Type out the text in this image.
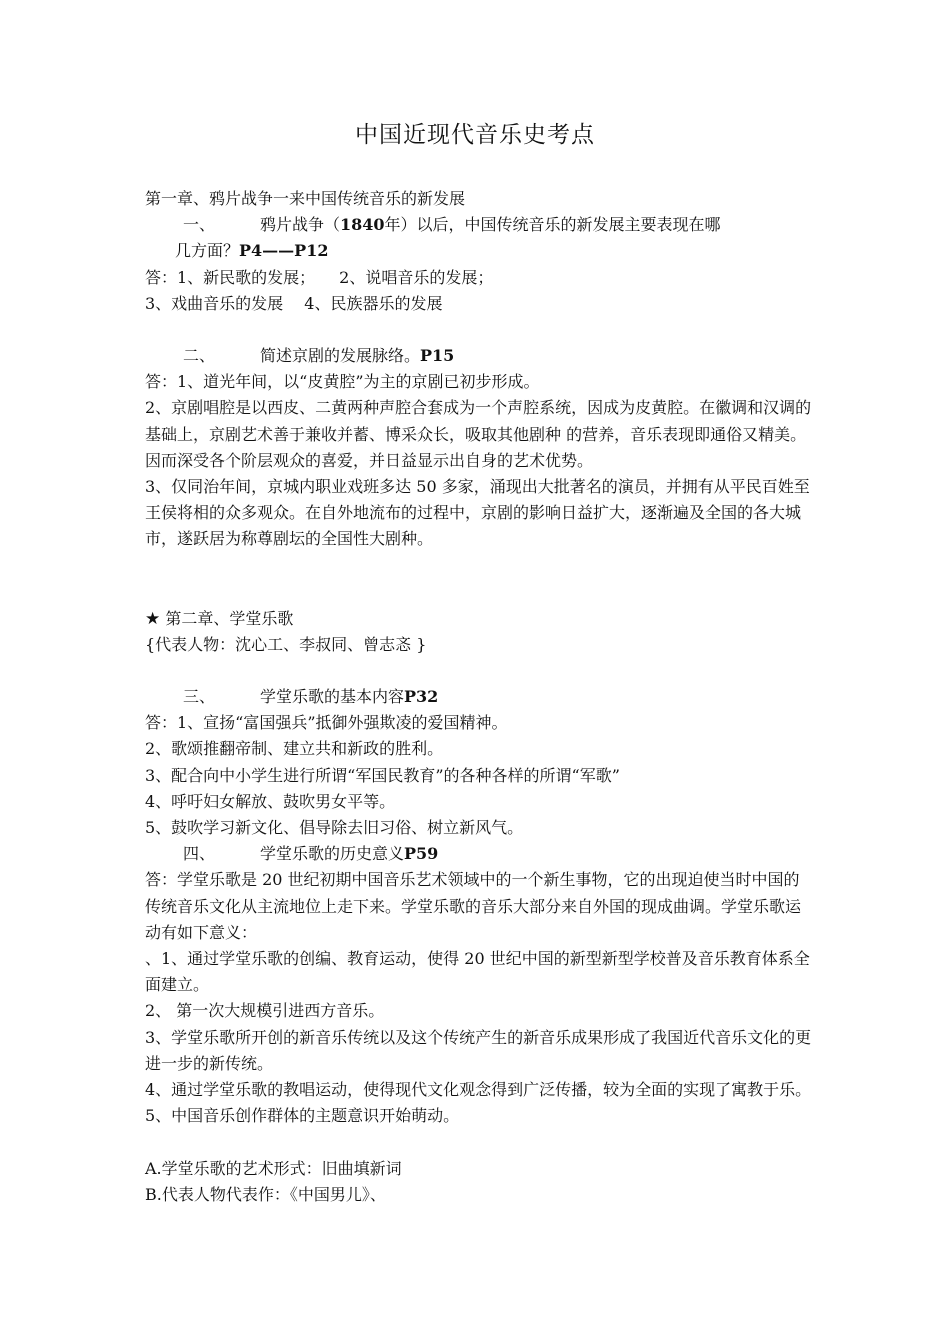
中国近现代音乐史考点

第一章、鸦片战争一来中国传统音乐的新发展

一、	鸦片战争（1840年）以后，中国传统音乐的新发展主要表现在哪

几方面？P4——P12

答：1、新民歌的发展；　　2、说唱音乐的发展；

3、戏曲音乐的发展　 4、民族器乐的发展

二、	简述京剧的发展脉络。P15

答：1、道光年间，以“皮黄腔”为主的京剧已初步形成。

2、京剧唱腔是以西皮、二黄两种声腔合套成为一个声腔系统，因成为皮黄腔。在徽调和汉调的基础上，京剧艺术善于兼收并蓄、博采众长，吸取其他剧种 的营养，音乐表现即通俗又精美。因而深受各个阶层观众的喜爱，并日益显示出自身的艺术优势。

3、仅同治年间，京城内职业戏班多达 50 多家，涌现出大批著名的演员，并拥有从平民百姓至王侯将相的众多观众。在自外地流布的过程中，京剧的影响日益扩大，逐渐遍及全国的各大城市，遂跃居为称尊剧坛的全国性大剧种。

★ 第二章、学堂乐歌

{代表人物：沈心工、李叔同、曾志忞 }

三、	学堂乐歌的基本内容P32

答：1、宣扬“富国强兵”抵御外强欺凌的爱国精神。

2、歌颂推翻帝制、建立共和新政的胜利。

3、配合向中小学生进行所谓“军国民教育”的各种各样的所谓“军歌”

4、呼吁妇女解放、鼓吹男女平等。

5、鼓吹学习新文化、倡导除去旧习俗、树立新风气。

四、	学堂乐歌的历史意义P59

答：学堂乐歌是 20 世纪初期中国音乐艺术领域中的一个新生事物，它的出现迫使当时中国的传统音乐文化从主流地位上走下来。学堂乐歌的音乐大部分来自外国的现成曲调。学堂乐歌运动有如下意义：

、1、通过学堂乐歌的创编、教育运动，使得 20 世纪中国的新型新型学校普及音乐教育体系全面建立。

2、 第一次大规模引进西方音乐。

3、学堂乐歌所开创的新音乐传统以及这个传统产生的新音乐成果形成了我国近代音乐文化的更进一步的新传统。

4、通过学堂乐歌的教唱运动，使得现代文化观念得到广泛传播，较为全面的实现了寓教于乐。

5、中国音乐创作群体的主题意识开始萌动。

A.学堂乐歌的艺术形式：旧曲填新词

B.代表人物代表作：《中国男儿》、
